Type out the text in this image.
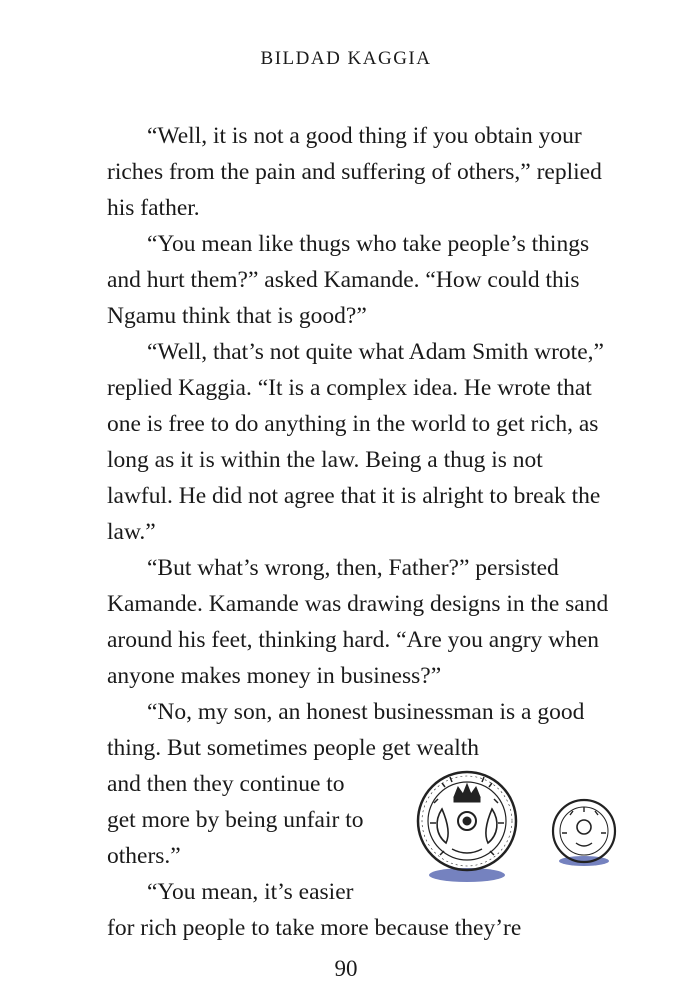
BILDAD KAGGIA

“Well, it is not a good thing if you obtain your riches from the pain and suffering of others,” replied his father.

“You mean like thugs who take people’s things and hurt them?” asked Kamande. “How could this Ngamu think that is good?”

“Well, that’s not quite what Adam Smith wrote,” replied Kaggia. “It is a complex idea. He wrote that one is free to do anything in the world to get rich, as long as it is within the law. Being a thug is not lawful. He did not agree that it is alright to break the law.”

“But what’s wrong, then, Father?” persisted Kamande. Kamande was drawing designs in the sand around his feet, thinking hard. “Are you angry when anyone makes money in business?”

“No, my son, an honest businessman is a good thing. But sometimes people get wealth

and then they continue to
get more by being unfair to
others.”

“You mean, it’s easier

for rich people to take more because they’re

90
